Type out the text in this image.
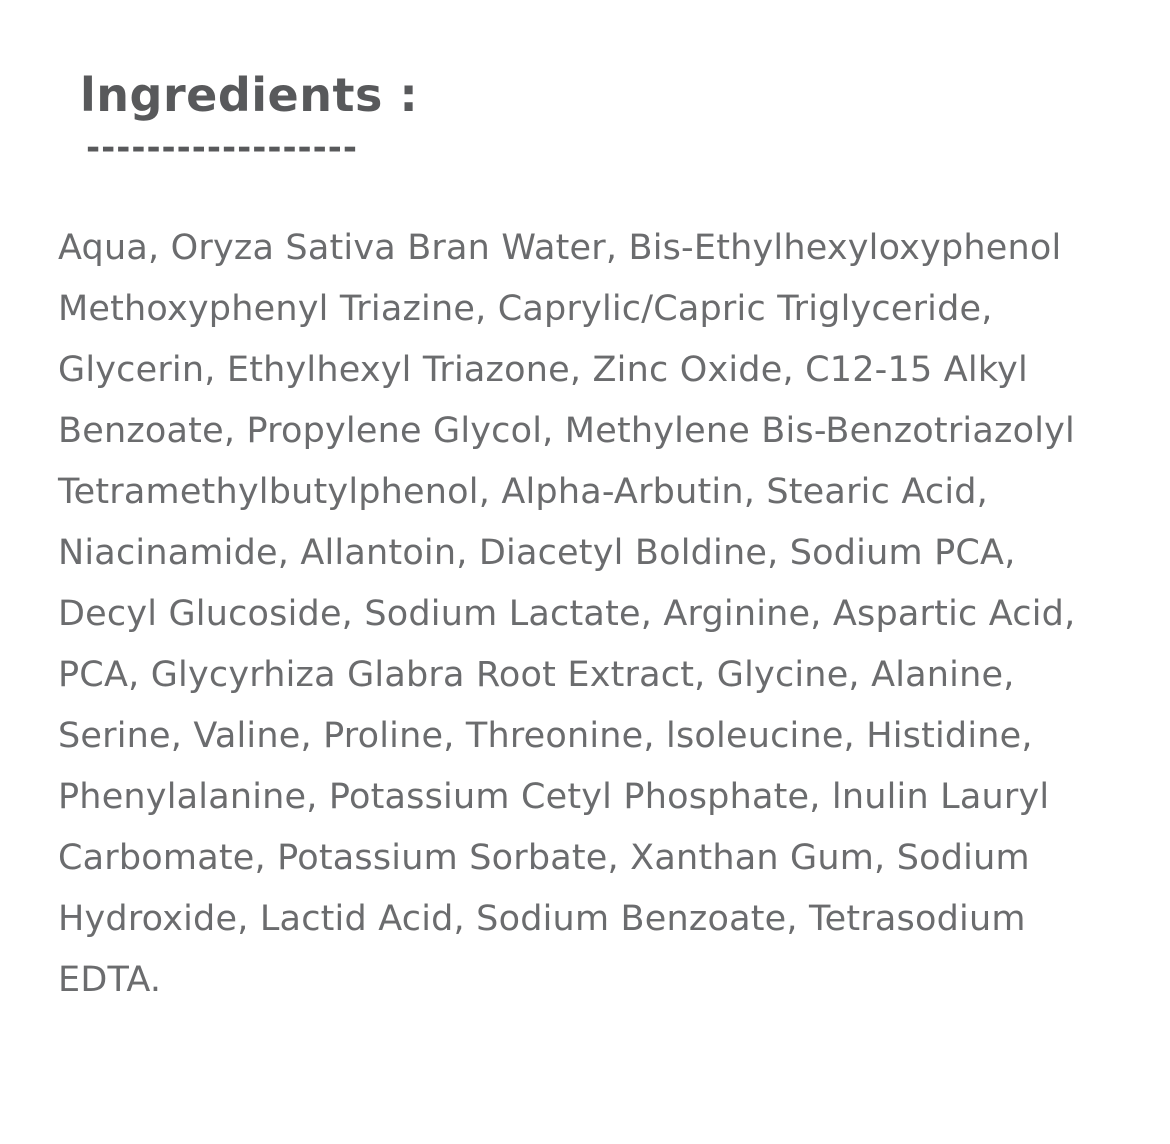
lngredients :
------------------
Aqua, Oryza Sativa Bran Water, Bis-Ethylhexyloxyphenol Methoxyphenyl Triazine, Caprylic/Capric Triglyceride, Glycerin, Ethylhexyl Triazone, Zinc Oxide, C12-15 Alkyl Benzoate, Propylene Glycol, Methylene Bis-Benzotriazolyl Tetramethylbutylphenol, Alpha-Arbutin, Stearic Acid, Niacinamide, Allantoin, Diacetyl Boldine, Sodium PCA, Decyl Glucoside, Sodium Lactate, Arginine, Aspartic Acid, PCA, Glycyrhiza Glabra Root Extract, Glycine, Alanine, Serine, Valine, Proline, Threonine, lsoleucine, Histidine, Phenylalanine, Potassium Cetyl Phosphate, lnulin Lauryl Carbomate, Potassium Sorbate, Xanthan Gum, Sodium Hydroxide, Lactid Acid, Sodium Benzoate, Tetrasodium EDTA.
